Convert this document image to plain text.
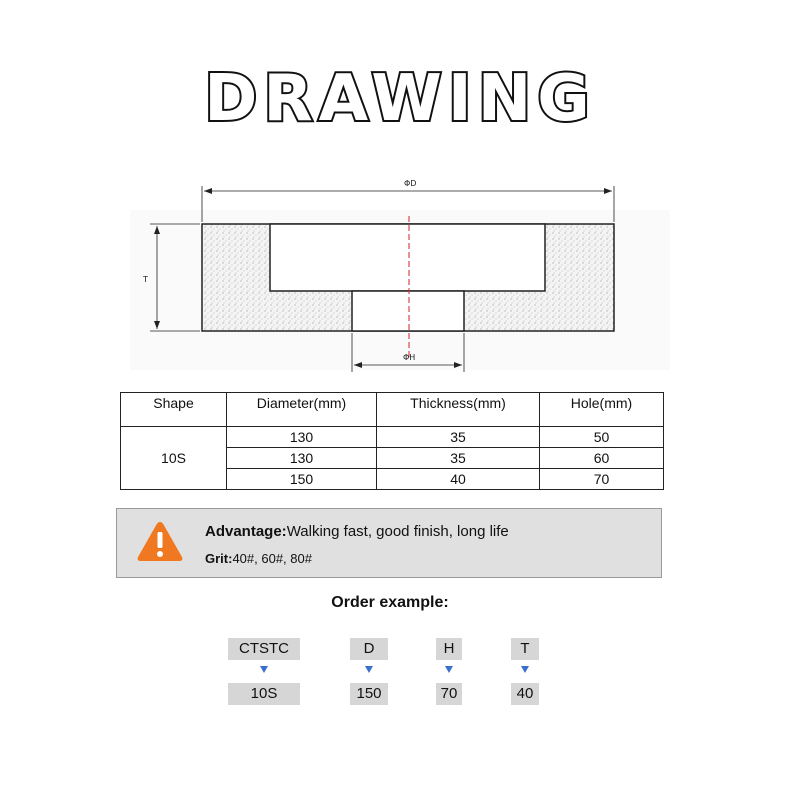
DRAWING
ΦD
T
ΦH
Shape	Diameter(mm)	Thickness(mm)	Hole(mm)
10S	130	35	50
	130	35	60
	150	40	70
Advantage:Walking fast, good finish, long life
Grit:40#, 60#, 80#
Order example:
CTSTC	D	H	T
10S	150	70	40
